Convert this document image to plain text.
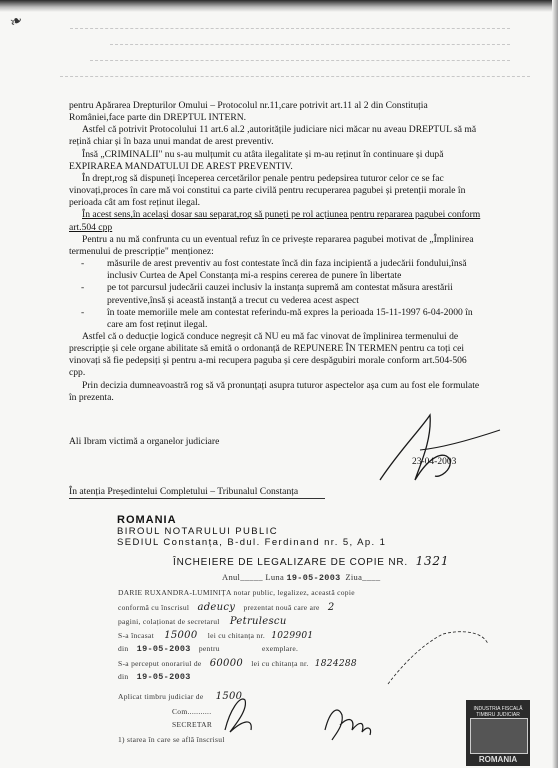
❧

pentru Apărarea Drepturilor Omului – Protocolul nr.11,care potrivit art.11 al 2 din Constituția României,face parte din DREPTUL INTERN.

Astfel că potrivit Protocolului 11 art.6 al.2 ,autoritățile judiciare nici măcar nu aveau DREPTUL să mă rețină chiar și în baza unui mandat de arest preventiv.

Însă „CRIMINALII" nu s-au mulțumit cu atâta ilegalitate și m-au reținut în continuare și după EXPIRAREA MANDATULUI DE AREST PREVENTIV.

În drept,rog să dispuneți începerea cercetărilor penale pentru pedepsirea tuturor celor ce se fac vinovați,proces în care mă voi constitui ca parte civilă pentru recuperarea pagubei și pretenții morale în perioada cât am fost reținut ilegal.

În acest sens,în același dosar sau separat,rog să puneți pe rol acțiunea pentru repararea pagubei conform art.504 cpp

Pentru a nu mă confrunta cu un eventual refuz în ce privește repararea pagubei motivat de „Împlinirea termenului de prescripție" menționez:

-	măsurile de arest preventiv au fost contestate încă din faza incipientă a judecării fondului,însă inclusiv Curtea de Apel Constanța mi-a respins cererea de punere în libertate
-	pe tot parcursul judecării cauzei inclusiv la instanța supremă am contestat măsura arestării preventive,însă și această instanță a trecut cu vederea acest aspect
-	în toate memoriile mele am contestat referindu-mă expres la perioada 15-11-1997 6-04-2000 în care am fost reținut ilegal.

Astfel că o deducție logică conduce negreșit că NU eu mă fac vinovat de împlinirea termenului de prescripție și cele organe abilitate să emită o ordonanță de REPUNERE ÎN TERMEN pentru ca toți cei vinovați să fie pedepsiți și pentru a-mi recupera paguba și cere despăgubiri morale conform art.504-506 cpp.

Prin decizia dumneavoastră rog să vă pronunțați asupra tuturor aspectelor așa cum au fost ele formulate în prezenta.

Ali Ibram victimă a organelor judiciare
23-04-2003
În atenția Președintelui Completului – Tribunalul Constanța
ROMANIA
BIROUL NOTARULUI PUBLIC
SEDIUL Constanța, B-dul. Ferdinand nr. 5, Ap. 1
ÎNCHEIERE DE LEGALIZARE DE COPIE NR. 1321
Anul_____ Luna 19-05-2003 Ziua____
DARIE RUXANDRA-LUMINIȚA notar public, legalizez, această copie
conformă cu înscrisul adeucy prezentat nouă care are 2
pagini, colaționat de secretarul Petrulescu
S-a încasat 15000 lei cu chitanța nr. 1029901
din 19-05-2003 pentru	exemplare.
S-a perceput onorariul de 60000 lei cu chitanța nr. 1824288
din 19-05-2003
Aplicat timbru judiciar de 1500
Com...........
SECRETAR
1) starea în care se află înscrisul
INDUSTRIA FISCALĂ TIMBRU JUDICIAR
ROMANIA
